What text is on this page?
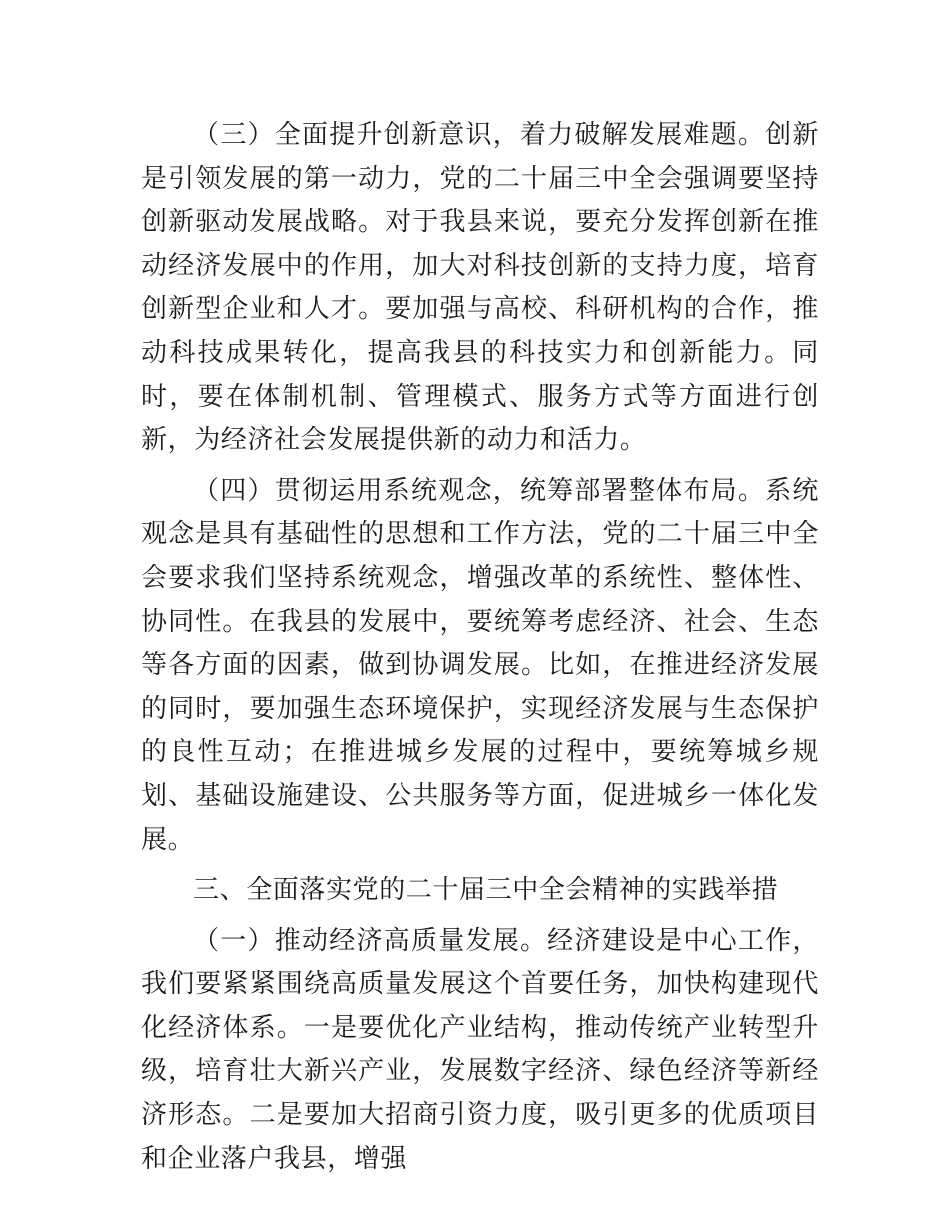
（三）全面提升创新意识，着力破解发展难题。创新是引领发展的第一动力，党的二十届三中全会强调要坚持创新驱动发展战略。对于我县来说，要充分发挥创新在推动经济发展中的作用，加大对科技创新的支持力度，培育创新型企业和人才。要加强与高校、科研机构的合作，推动科技成果转化，提高我县的科技实力和创新能力。同时，要在体制机制、管理模式、服务方式等方面进行创新，为经济社会发展提供新的动力和活力。

（四）贯彻运用系统观念，统筹部署整体布局。系统观念是具有基础性的思想和工作方法，党的二十届三中全会要求我们坚持系统观念，增强改革的系统性、整体性、协同性。在我县的发展中，要统筹考虑经济、社会、生态等各方面的因素，做到协调发展。比如，在推进经济发展的同时，要加强生态环境保护，实现经济发展与生态保护的良性互动；在推进城乡发展的过程中，要统筹城乡规划、基础设施建设、公共服务等方面，促进城乡一体化发展。

三、全面落实党的二十届三中全会精神的实践举措

（一）推动经济高质量发展。经济建设是中心工作，我们要紧紧围绕高质量发展这个首要任务，加快构建现代化经济体系。一是要优化产业结构，推动传统产业转型升级，培育壮大新兴产业，发展数字经济、绿色经济等新经济形态。二是要加大招商引资力度，吸引更多的优质项目和企业落户我县，增强
